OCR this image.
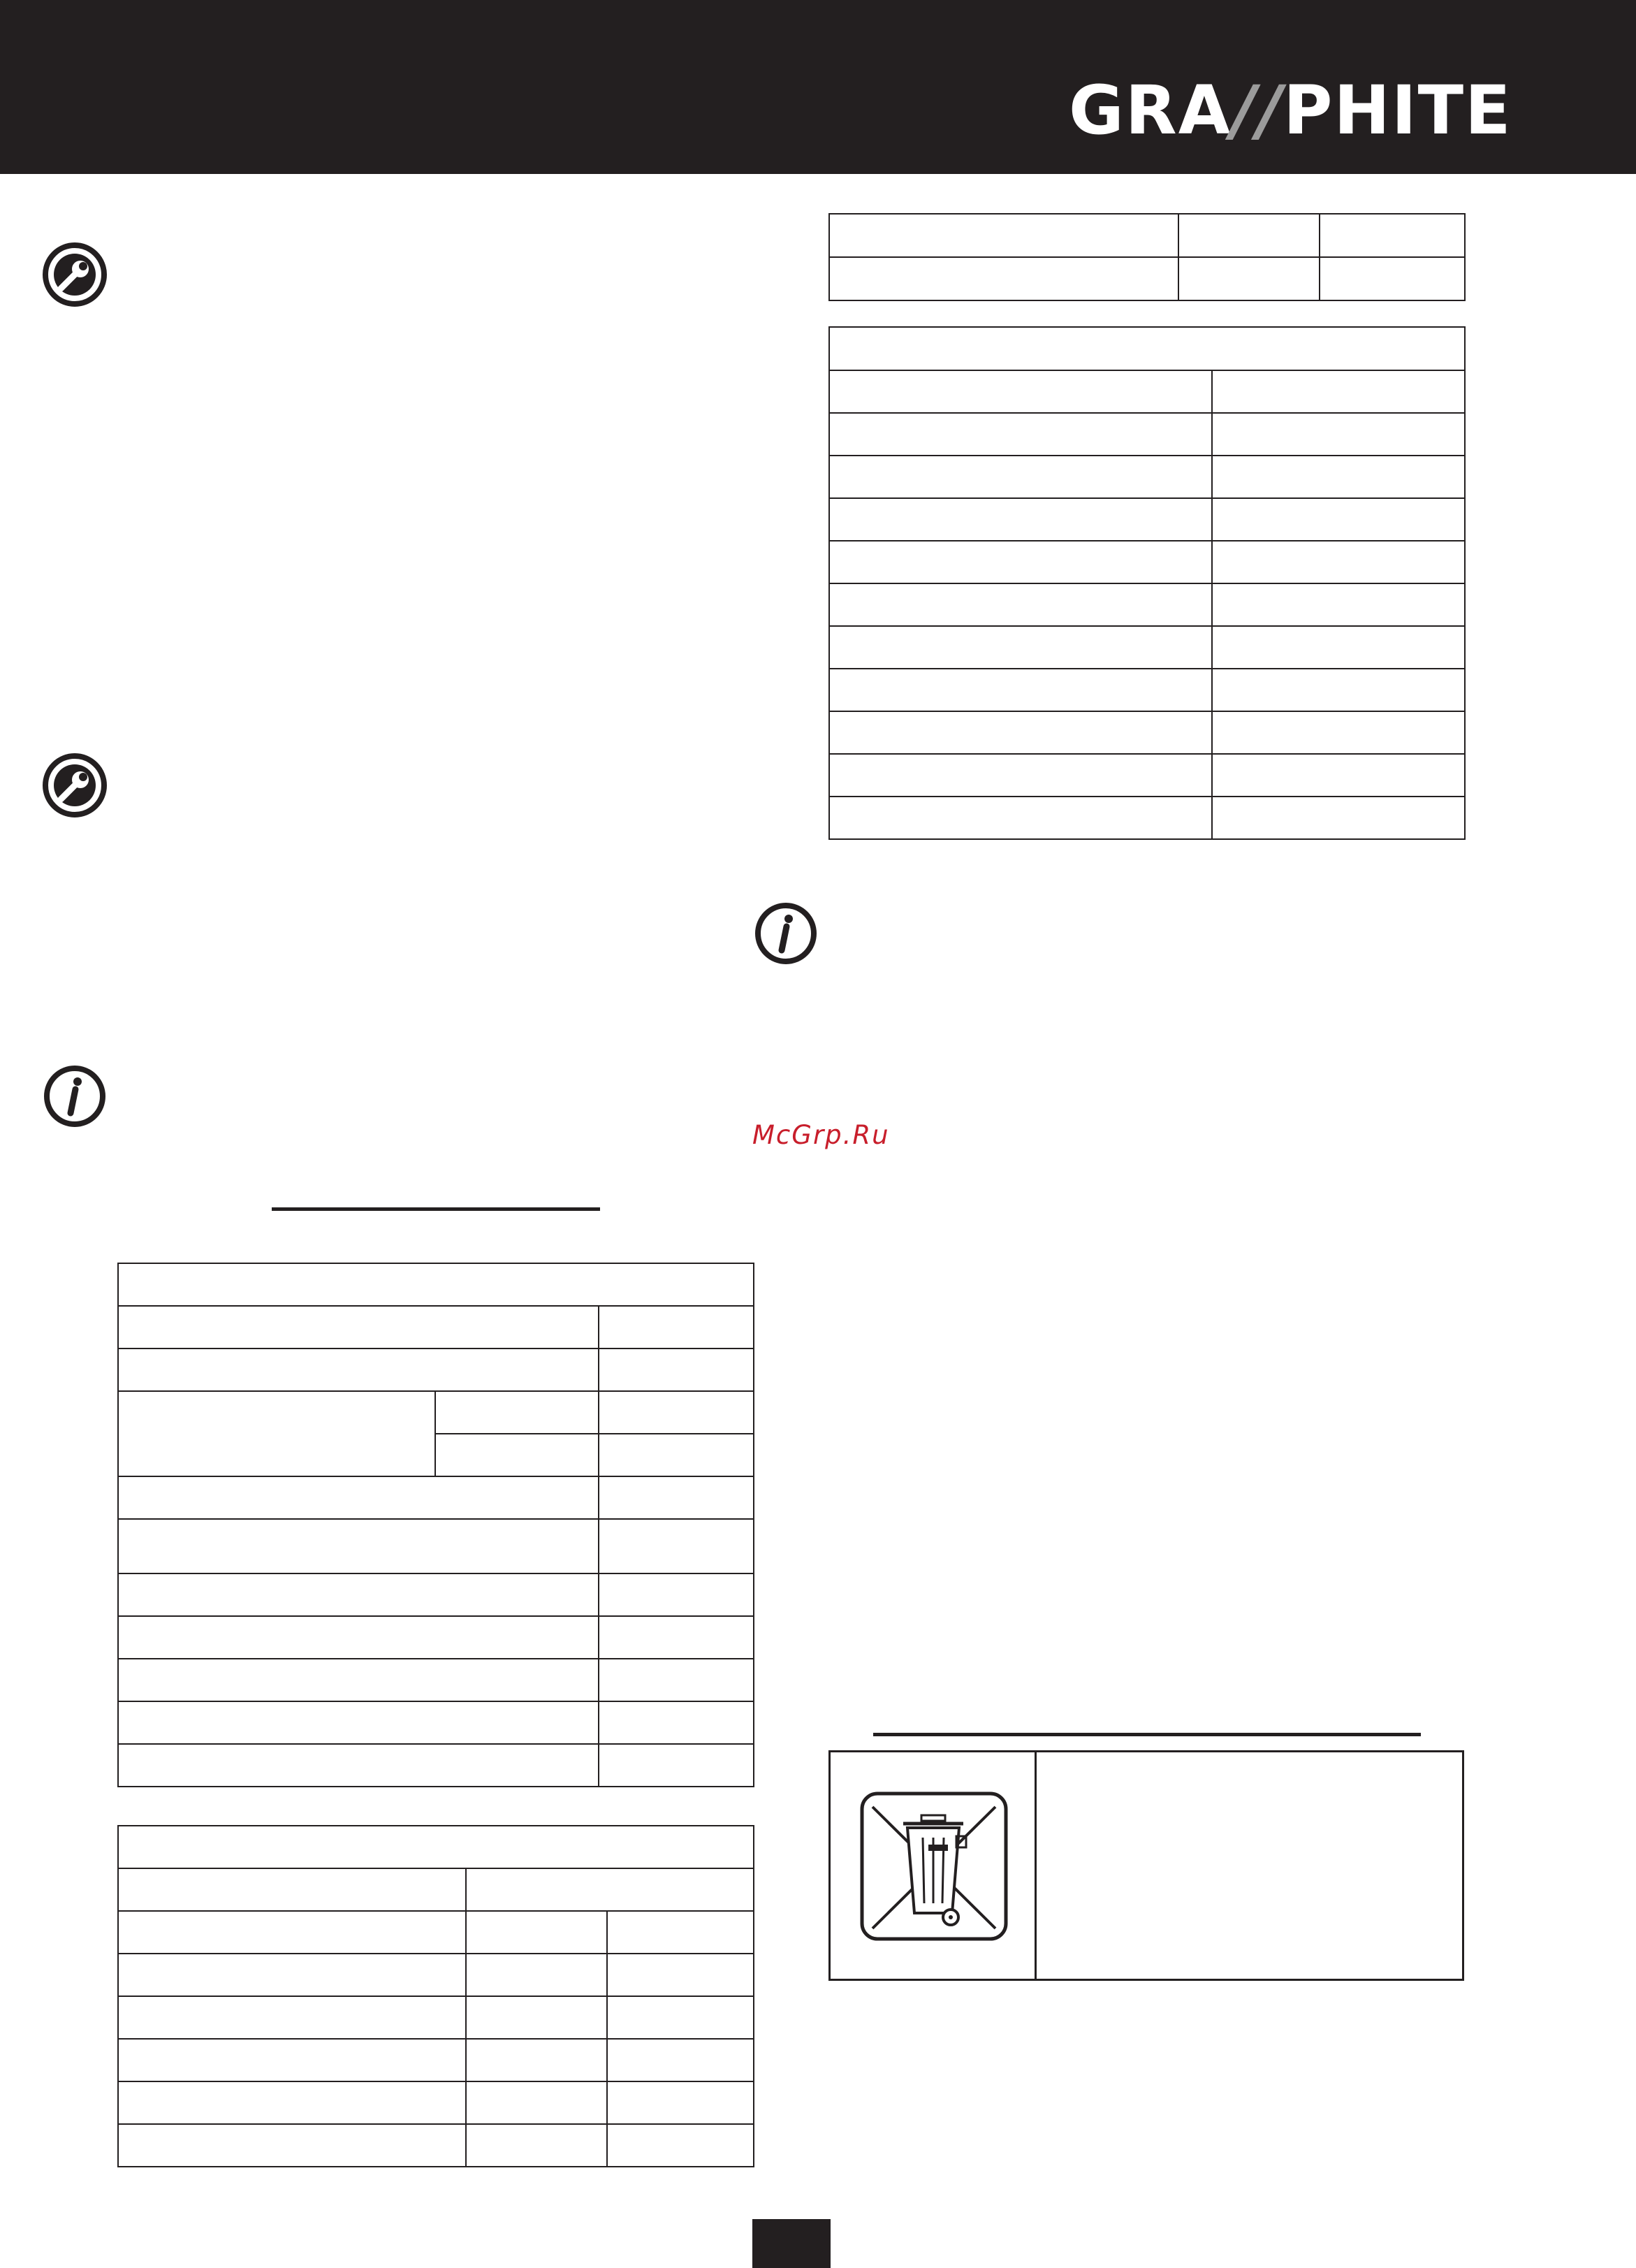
GRA//PHITE

McGrp.Ru
